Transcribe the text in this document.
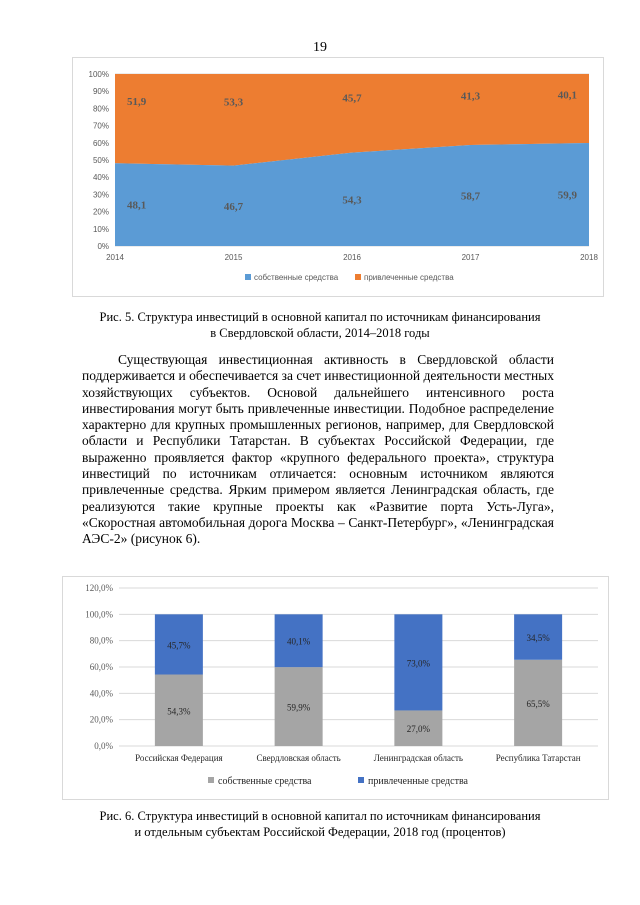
19
0%
10%
20%
30%
40%
50%
60%
70%
80%
90%
100%
48,1
51,9
2014
46,7
53,3
2015
54,3
45,7
2016
58,7
41,3
2017
59,9
40,1
2018
собственные средства	привлеченные средства
Рис. 5. Структура инвестиций в основной капитал по источникам финансирования
в Свердловской области, 2014–2018 годы

Существующая инвестиционная активность в Свердловской области поддерживается и обеспечивается за счет инвестиционной деятельности местных хозяйствующих субъектов. Основой дальнейшего интенсивного роста инвестирования могут быть привлеченные инвестиции. Подобное распределение характерно для крупных промышленных регионов, например, для Свердловской области и Республики Татарстан. В субъектах Российской Федерации, где выраженно проявляется фактор «крупного федерального проекта», структура инвестиций по источникам отличается: основным источником являются привлеченные средства. Ярким примером является Ленинградская область, где реализуются такие крупные проекты как «Развитие порта Усть-Луга», «Скоростная автомобильная дорога Москва – Санкт-Петербург», «Ленинградская АЭС-2» (рисунок 6).

0,0%
20,0%
40,0%
60,0%
80,0%
100,0%
120,0%
54,3%
45,7%
Российская Федерация
59,9%
40,1%
Свердловская область
27,0%
73,0%
Ленинградская область
65,5%
34,5%
Республика Татарстан
собственные средства	привлеченные средства
Рис. 6. Структура инвестиций в основной капитал по источникам финансирования
и отдельным субъектам Российской Федерации, 2018 год (процентов)
